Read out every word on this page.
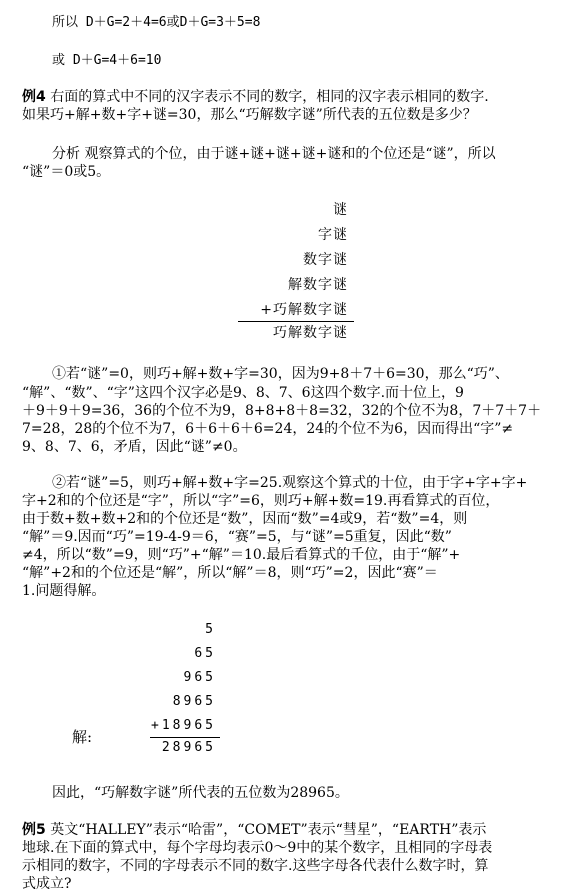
所以 D＋G=2＋4=6或D＋G=3＋5=8
或 D＋G=4＋6=10
例4 右面的算式中不同的汉字表示不同的数字，相同的汉字表示相同的数字.
如果巧+解+数+字+谜=30，那么“巧解数字谜”所代表的五位数是多少？
分析 观察算式的个位，由于谜+谜+谜+谜+谜和的个位还是“谜”，所以
“谜”＝0或5。
谜
字谜
数字谜
解数字谜
+巧解数字谜
巧解数字谜
①若“谜”=0，则巧+解+数+字=30，因为9+8＋7＋6=30，那么“巧”、
“解”、“数”、“字”这四个汉字必是9、8、7、6这四个数字.而十位上，9
＋9＋9＋9=36，36的个位不为9，8+8+8＋8=32，32的个位不为8，7＋7＋7＋
7=28，28的个位不为7，6＋6＋6＋6=24，24的个位不为6，因而得出“字”≠
9、8、7、6，矛盾，因此“谜”≠0。
②若“谜”=5，则巧+解+数+字=25.观察这个算式的十位，由于字+字+字+
字+2和的个位还是“字”，所以“字”=6，则巧+解+数=19.再看算式的百位，
由于数+数+数+2和的个位还是“数”，因而“数”=4或9，若“数”=4，则
“解”＝9.因而“巧”=19-4-9＝6，“赛”=5，与“谜”=5重复，因此“数”
≠4，所以“数”=9，则“巧”+“解”＝10.最后看算式的千位，由于“解”+
“解”+2和的个位还是“解”，所以“解”＝8，则“巧”=2，因此“赛”＝
1.问题得解。
5
65
965
8965
+18965
解:
28965
因此，“巧解数字谜”所代表的五位数为28965。
例5 英文“HALLEY”表示“哈雷”，“COMET”表示“彗星”，“EARTH”表示
地球.在下面的算式中，每个字母均表示0～9中的某个数字，且相同的字母表
示相同的数字，不同的字母表示不同的数字.这些字母各代表什么数字时，算
式成立?
